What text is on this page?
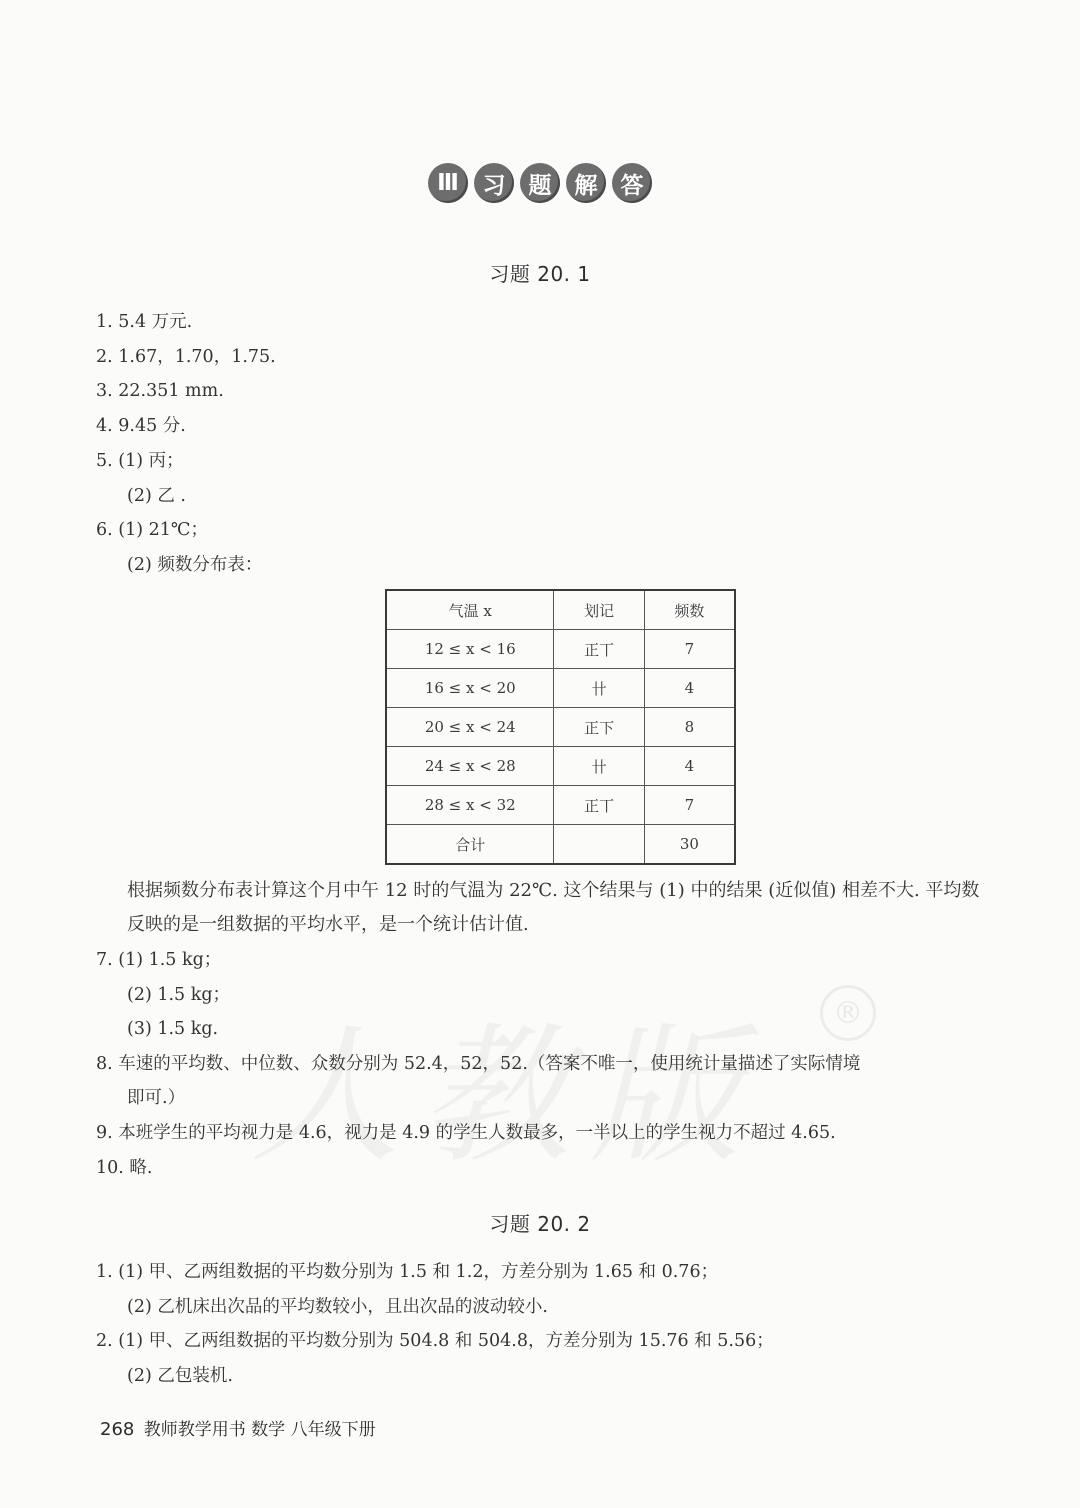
®
Ⅲ	习	题	解	答
习题 20. 1
1. 5.4 万元.
2. 1.67，1.70，1.75.
3. 22.351 mm.
4. 9.45 分.
5. (1) 丙；
(2) 乙 .
6. (1) 21℃；
(2) 频数分布表：
气温 x	划记	频数
12 ≤ x < 16	正丅	7
16 ≤ x < 20	卄	4
20 ≤ x < 24	正下	8
24 ≤ x < 28	卄	4
28 ≤ x < 32	正丅	7
合计		30
根据频数分布表计算这个月中午 12 时的气温为 22℃. 这个结果与 (1) 中的结果 (近似值) 相差不大. 平均数反映的是一组数据的平均水平，是一个统计估计值.
7. (1) 1.5 kg；
(2) 1.5 kg；
(3) 1.5 kg.
8. 车速的平均数、中位数、众数分别为 52.4，52，52.（答案不唯一，使用统计量描述了实际情境
即可.）
9. 本班学生的平均视力是 4.6，视力是 4.9 的学生人数最多，一半以上的学生视力不超过 4.65.
10. 略.
习题 20. 2
1. (1) 甲、乙两组数据的平均数分别为 1.5 和 1.2，方差分别为 1.65 和 0.76；
(2) 乙机床出次品的平均数较小，且出次品的波动较小.
2. (1) 甲、乙两组数据的平均数分别为 504.8 和 504.8，方差分别为 15.76 和 5.56；
(2) 乙包装机.
268 教师教学用书 数学 八年级下册
